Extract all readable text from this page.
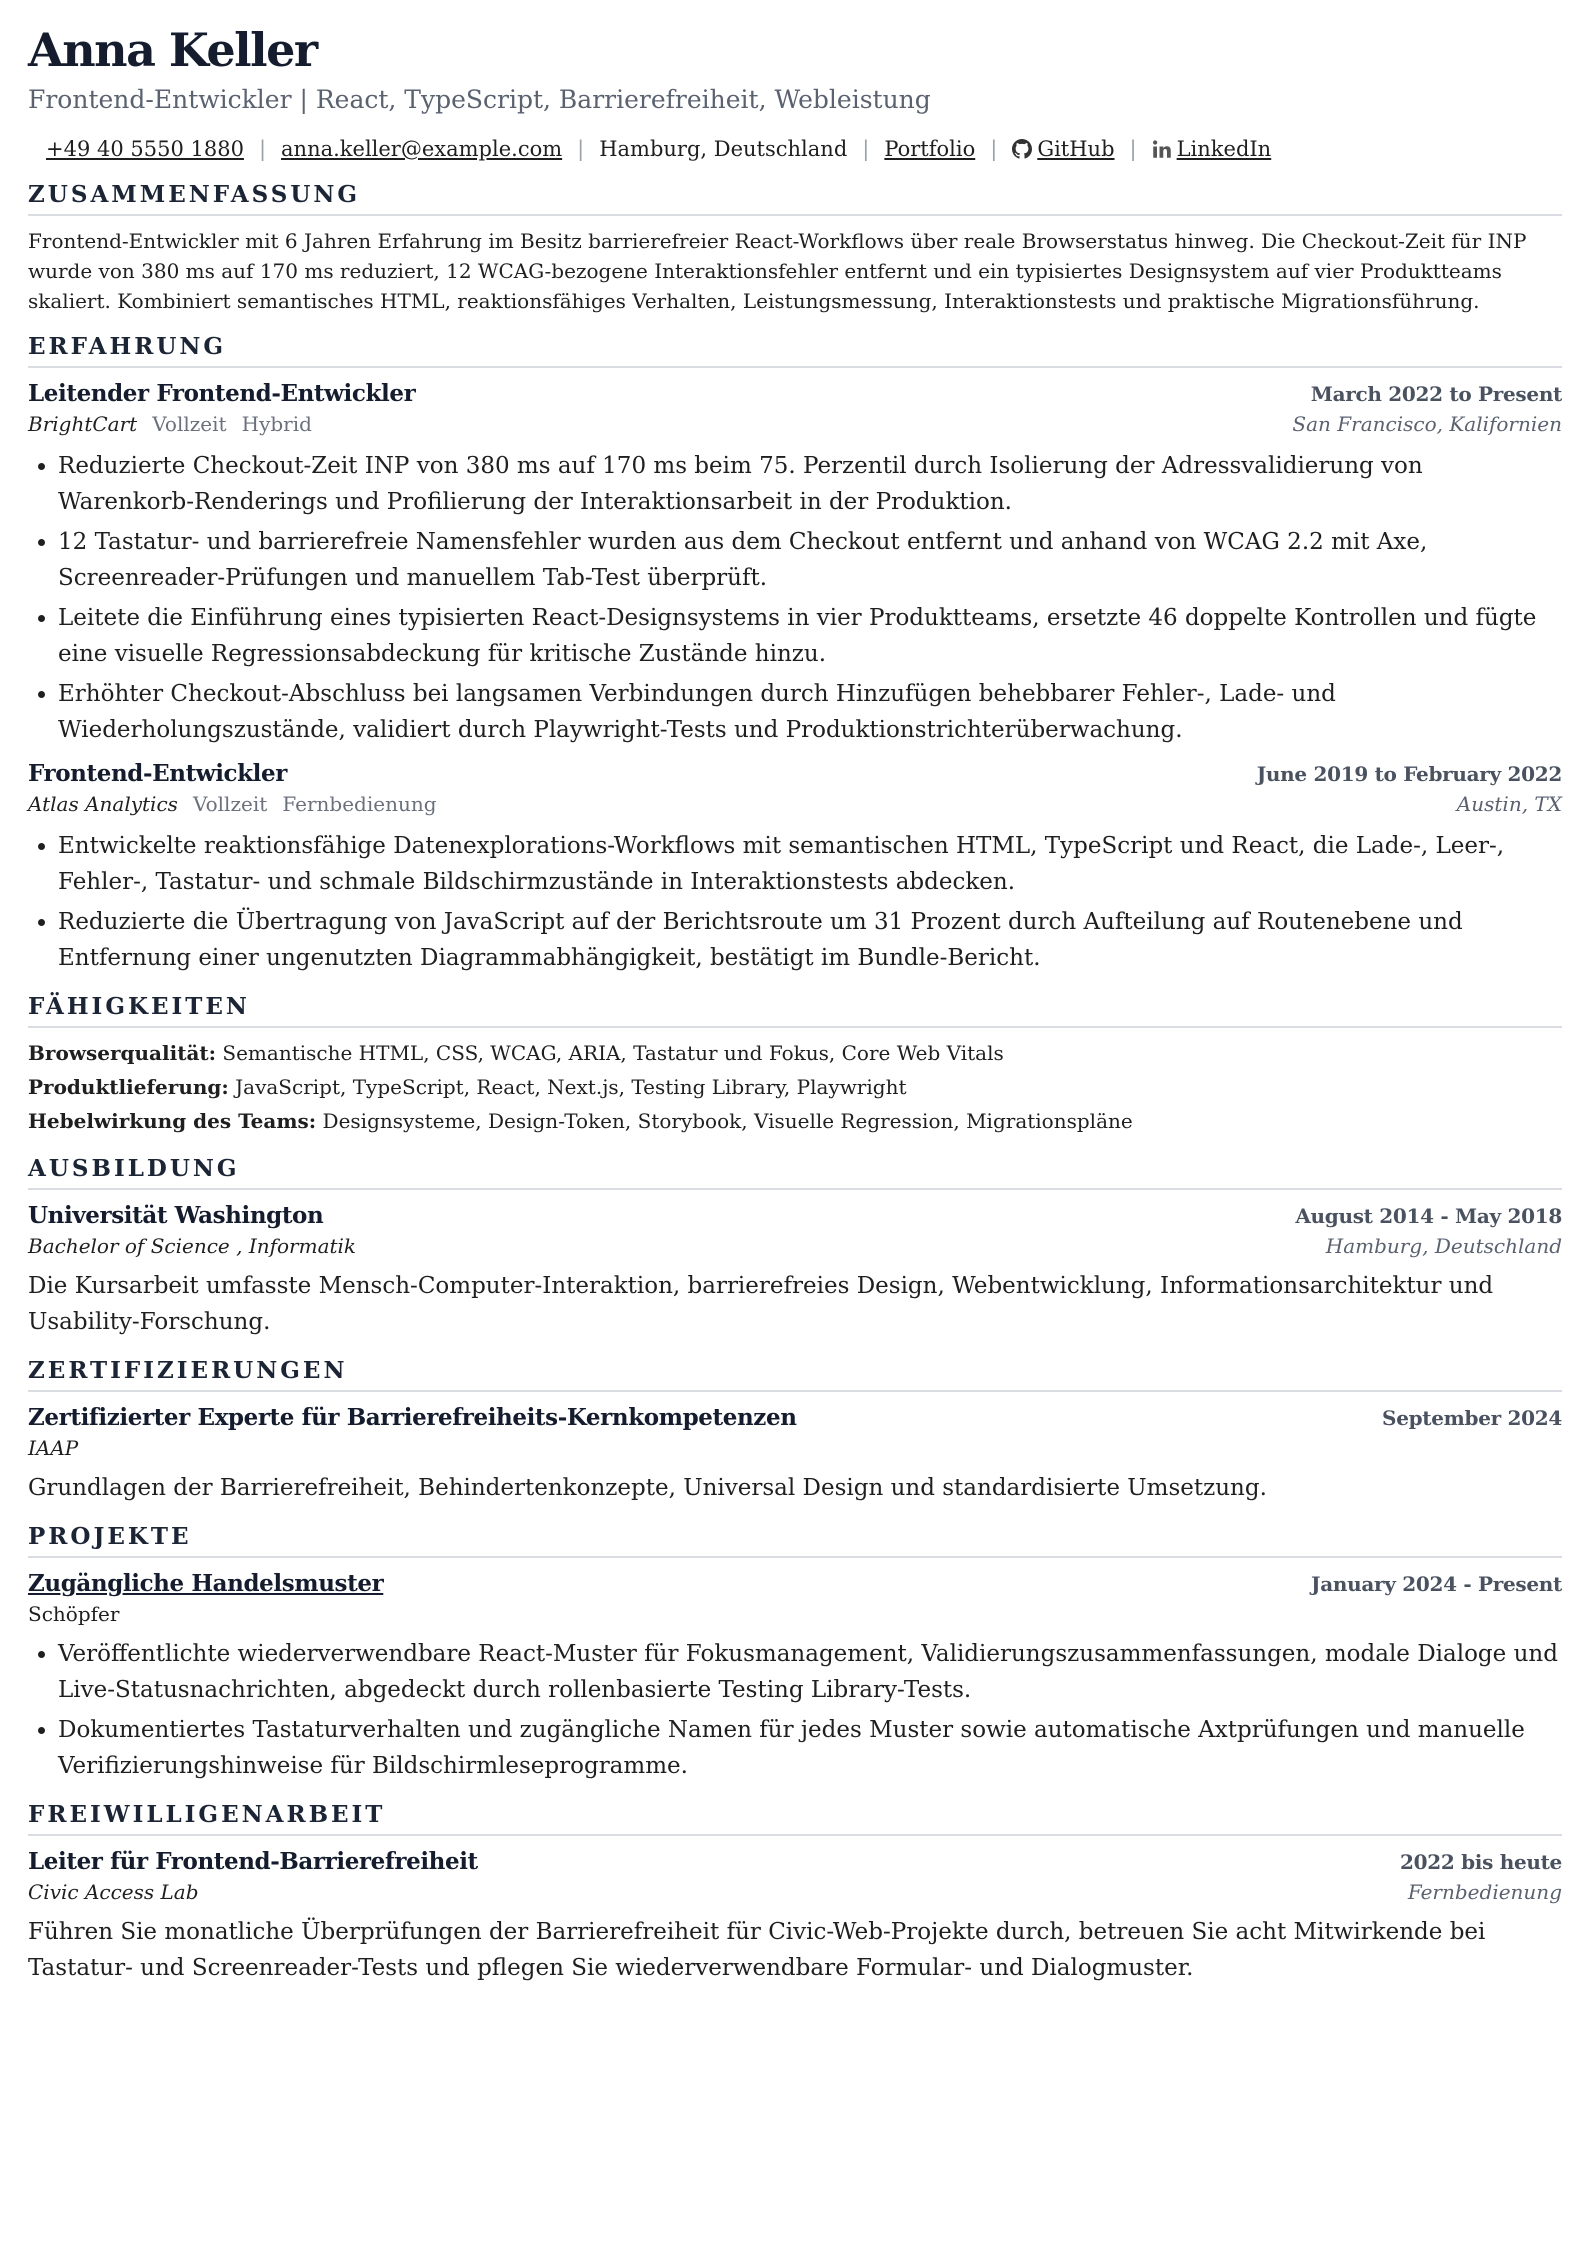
Anna Keller
Frontend-Entwickler | React, TypeScript, Barrierefreiheit, Webleistung
+49 40 5550 1880 | anna.keller@example.com | Hamburg, Deutschland | Portfolio |	GitHub |	LinkedIn
ZUSAMMENFASSUNG
Frontend-Entwickler mit 6 Jahren Erfahrung im Besitz barrierefreier React-Workflows über reale Browserstatus hinweg. Die Checkout-Zeit für INP wurde von 380 ms auf 170 ms reduziert, 12 WCAG-bezogene Interaktionsfehler entfernt und ein typisiertes Designsystem auf vier Produktteams skaliert. Kombiniert semantisches HTML, reaktionsfähiges Verhalten, Leistungsmessung, Interaktionstests und praktische Migrationsführung.
ERFAHRUNG
Leitender Frontend-Entwickler	March 2022 to Present
BrightCart Vollzeit Hybrid	San Francisco, Kalifornien
• Reduzierte Checkout-Zeit INP von 380 ms auf 170 ms beim 75. Perzentil durch Isolierung der Adressvalidierung von Warenkorb-Renderings und Profilierung der Interaktionsarbeit in der Produktion.
• 12 Tastatur- und barrierefreie Namensfehler wurden aus dem Checkout entfernt und anhand von WCAG 2.2 mit Axe, Screenreader-Prüfungen und manuellem Tab-Test überprüft.
• Leitete die Einführung eines typisierten React-Designsystems in vier Produktteams, ersetzte 46 doppelte Kontrollen und fügte eine visuelle Regressionsabdeckung für kritische Zustände hinzu.
• Erhöhter Checkout-Abschluss bei langsamen Verbindungen durch Hinzufügen behebbarer Fehler-, Lade- und Wiederholungszustände, validiert durch Playwright-Tests und Produktionstrichterüberwachung.
Frontend-Entwickler	June 2019 to February 2022
Atlas Analytics Vollzeit Fernbedienung	Austin, TX
• Entwickelte reaktionsfähige Datenexplorations-Workflows mit semantischen HTML, TypeScript und React, die Lade-, Leer-, Fehler-, Tastatur- und schmale Bildschirmzustände in Interaktionstests abdecken.
• Reduzierte die Übertragung von JavaScript auf der Berichtsroute um 31 Prozent durch Aufteilung auf Routenebene und Entfernung einer ungenutzten Diagrammabhängigkeit, bestätigt im Bundle-Bericht.
FÄHIGKEITEN
Browserqualität: Semantische HTML, CSS, WCAG, ARIA, Tastatur und Fokus, Core Web Vitals
Produktlieferung: JavaScript, TypeScript, React, Next.js, Testing Library, Playwright
Hebelwirkung des Teams: Designsysteme, Design-Token, Storybook, Visuelle Regression, Migrationspläne
AUSBILDUNG
Universität Washington	August 2014 - May 2018
Bachelor of Science , Informatik	Hamburg, Deutschland
Die Kursarbeit umfasste Mensch-Computer-Interaktion, barrierefreies Design, Webentwicklung, Informationsarchitektur und Usability-Forschung.
ZERTIFIZIERUNGEN
Zertifizierter Experte für Barrierefreiheits-Kernkompetenzen	September 2024
IAAP
Grundlagen der Barrierefreiheit, Behindertenkonzepte, Universal Design und standardisierte Umsetzung.
PROJEKTE
Zugängliche Handelsmuster	January 2024 - Present
Schöpfer
• Veröffentlichte wiederverwendbare React-Muster für Fokusmanagement, Validierungszusammenfassungen, modale Dialoge und Live-Statusnachrichten, abgedeckt durch rollenbasierte Testing Library-Tests.
• Dokumentiertes Tastaturverhalten und zugängliche Namen für jedes Muster sowie automatische Axtprüfungen und manuelle Verifizierungshinweise für Bildschirmleseprogramme.
FREIWILLIGENARBEIT
Leiter für Frontend-Barrierefreiheit	2022 bis heute
Civic Access Lab	Fernbedienung
Führen Sie monatliche Überprüfungen der Barrierefreiheit für Civic-Web-Projekte durch, betreuen Sie acht Mitwirkende bei Tastatur- und Screenreader-Tests und pflegen Sie wiederverwendbare Formular- und Dialogmuster.
